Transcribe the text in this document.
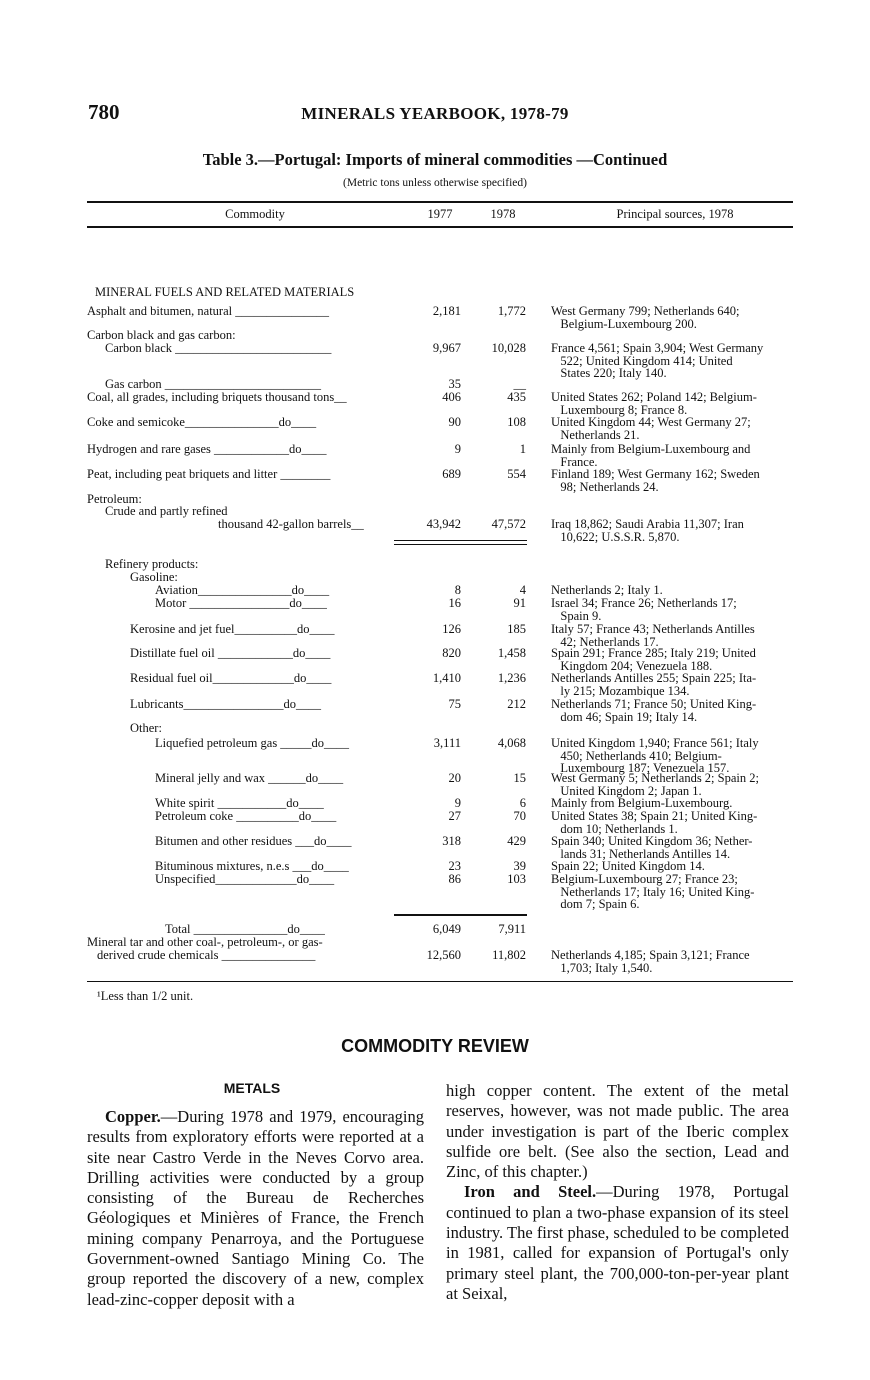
780	MINERALS YEARBOOK, 1978-79
Table 3.—Portugal: Imports of mineral commodities —Continued
(Metric tons unless otherwise specified)
Commodity	1977	1978	Principal sources, 1978
MINERAL FUELS AND RELATED MATERIALS
Asphalt and bitumen, natural _______________	2,181	1,772 West Germany 799; Netherlands 640;
Belgium-Luxembourg 200.
Carbon black and gas carbon:
Carbon black _________________________	9,967	10,028 France 4,561; Spain 3,904; West Germany
522; United Kingdom 414; United
States 220; Italy 140.
Gas carbon _________________________	35	__
Coal, all grades, including briquets thousand tons__	406	435 United States 262; Poland 142; Belgium-
Luxembourg 8; France 8.
Coke and semicoke_______________do____	90	108 United Kingdom 44; West Germany 27;
Netherlands 21.
Hydrogen and rare gases ____________do____	9	1 Mainly from Belgium-Luxembourg and
France.
Peat, including peat briquets and litter ________	689	554 Finland 189; West Germany 162; Sweden
98; Netherlands 24.
Petroleum:
Crude and partly refined
thousand 42-gallon barrels__	43,942	47,572 Iraq 18,862; Saudi Arabia 11,307; Iran
10,622; U.S.S.R. 5,870.
Refinery products:
Gasoline:
Aviation_______________do____	8	4 Netherlands 2; Italy 1.
Motor ________________do____	16	91 Israel 34; France 26; Netherlands 17;
Spain 9.
Kerosine and jet fuel__________do____	126	185 Italy 57; France 43; Netherlands Antilles
42; Netherlands 17.
Distillate fuel oil ____________do____	820	1,458 Spain 291; France 285; Italy 219; United
Kingdom 204; Venezuela 188.
Residual fuel oil_____________do____	1,410	1,236 Netherlands Antilles 255; Spain 225; Ita-
ly 215; Mozambique 134.
Lubricants________________do____	75	212 Netherlands 71; France 50; United King-
dom 46; Spain 19; Italy 14.
Other:
Liquefied petroleum gas _____do____	3,111	4,068 United Kingdom 1,940; France 561; Italy
450; Netherlands 410; Belgium-
Luxembourg 187; Venezuela 157.
Mineral jelly and wax ______do____	20	15 West Germany 5; Netherlands 2; Spain 2;
United Kingdom 2; Japan 1.
White spirit ___________do____	9	6 Mainly from Belgium-Luxembourg.
Petroleum coke __________do____	27	70 United States 38; Spain 21; United King-
dom 10; Netherlands 1.
Bitumen and other residues ___do____	318	429 Spain 340; United Kingdom 36; Nether-
lands 31; Netherlands Antilles 14.
Bituminous mixtures, n.e.s ___do____	23	39 Spain 22; United Kingdom 14.
Unspecified_____________do____	86	103 Belgium-Luxembourg 27; France 23;
Netherlands 17; Italy 16; United King-
dom 7; Spain 6.
Total _______________do____	6,049	7,911
Mineral tar and other coal-, petroleum-, or gas-
derived crude chemicals _______________	12,560	11,802 Netherlands 4,185; Spain 3,121; France
1,703; Italy 1,540.
¹Less than 1/2 unit.
COMMODITY REVIEW
METALS

Copper.—During 1978 and 1979, encouraging results from exploratory efforts were reported at a site near Castro Verde in the Neves Corvo area. Drilling activities were conducted by a group consisting of the Bureau de Recherches Géologiques et Minières of France, the French mining company Penarroya, and the Portuguese Government-owned Santiago Mining Co. The group reported the discovery of a new, complex lead-zinc-copper deposit with a

high copper content. The extent of the metal reserves, however, was not made public. The area under investigation is part of the Iberic complex sulfide ore belt. (See also the section, Lead and Zinc, of this chapter.)

Iron and Steel.—During 1978, Portugal continued to plan a two-phase expansion of its steel industry. The first phase, scheduled to be completed in 1981, called for expansion of Portugal's only primary steel plant, the 700,000-ton-per-year plant at Seixal,
